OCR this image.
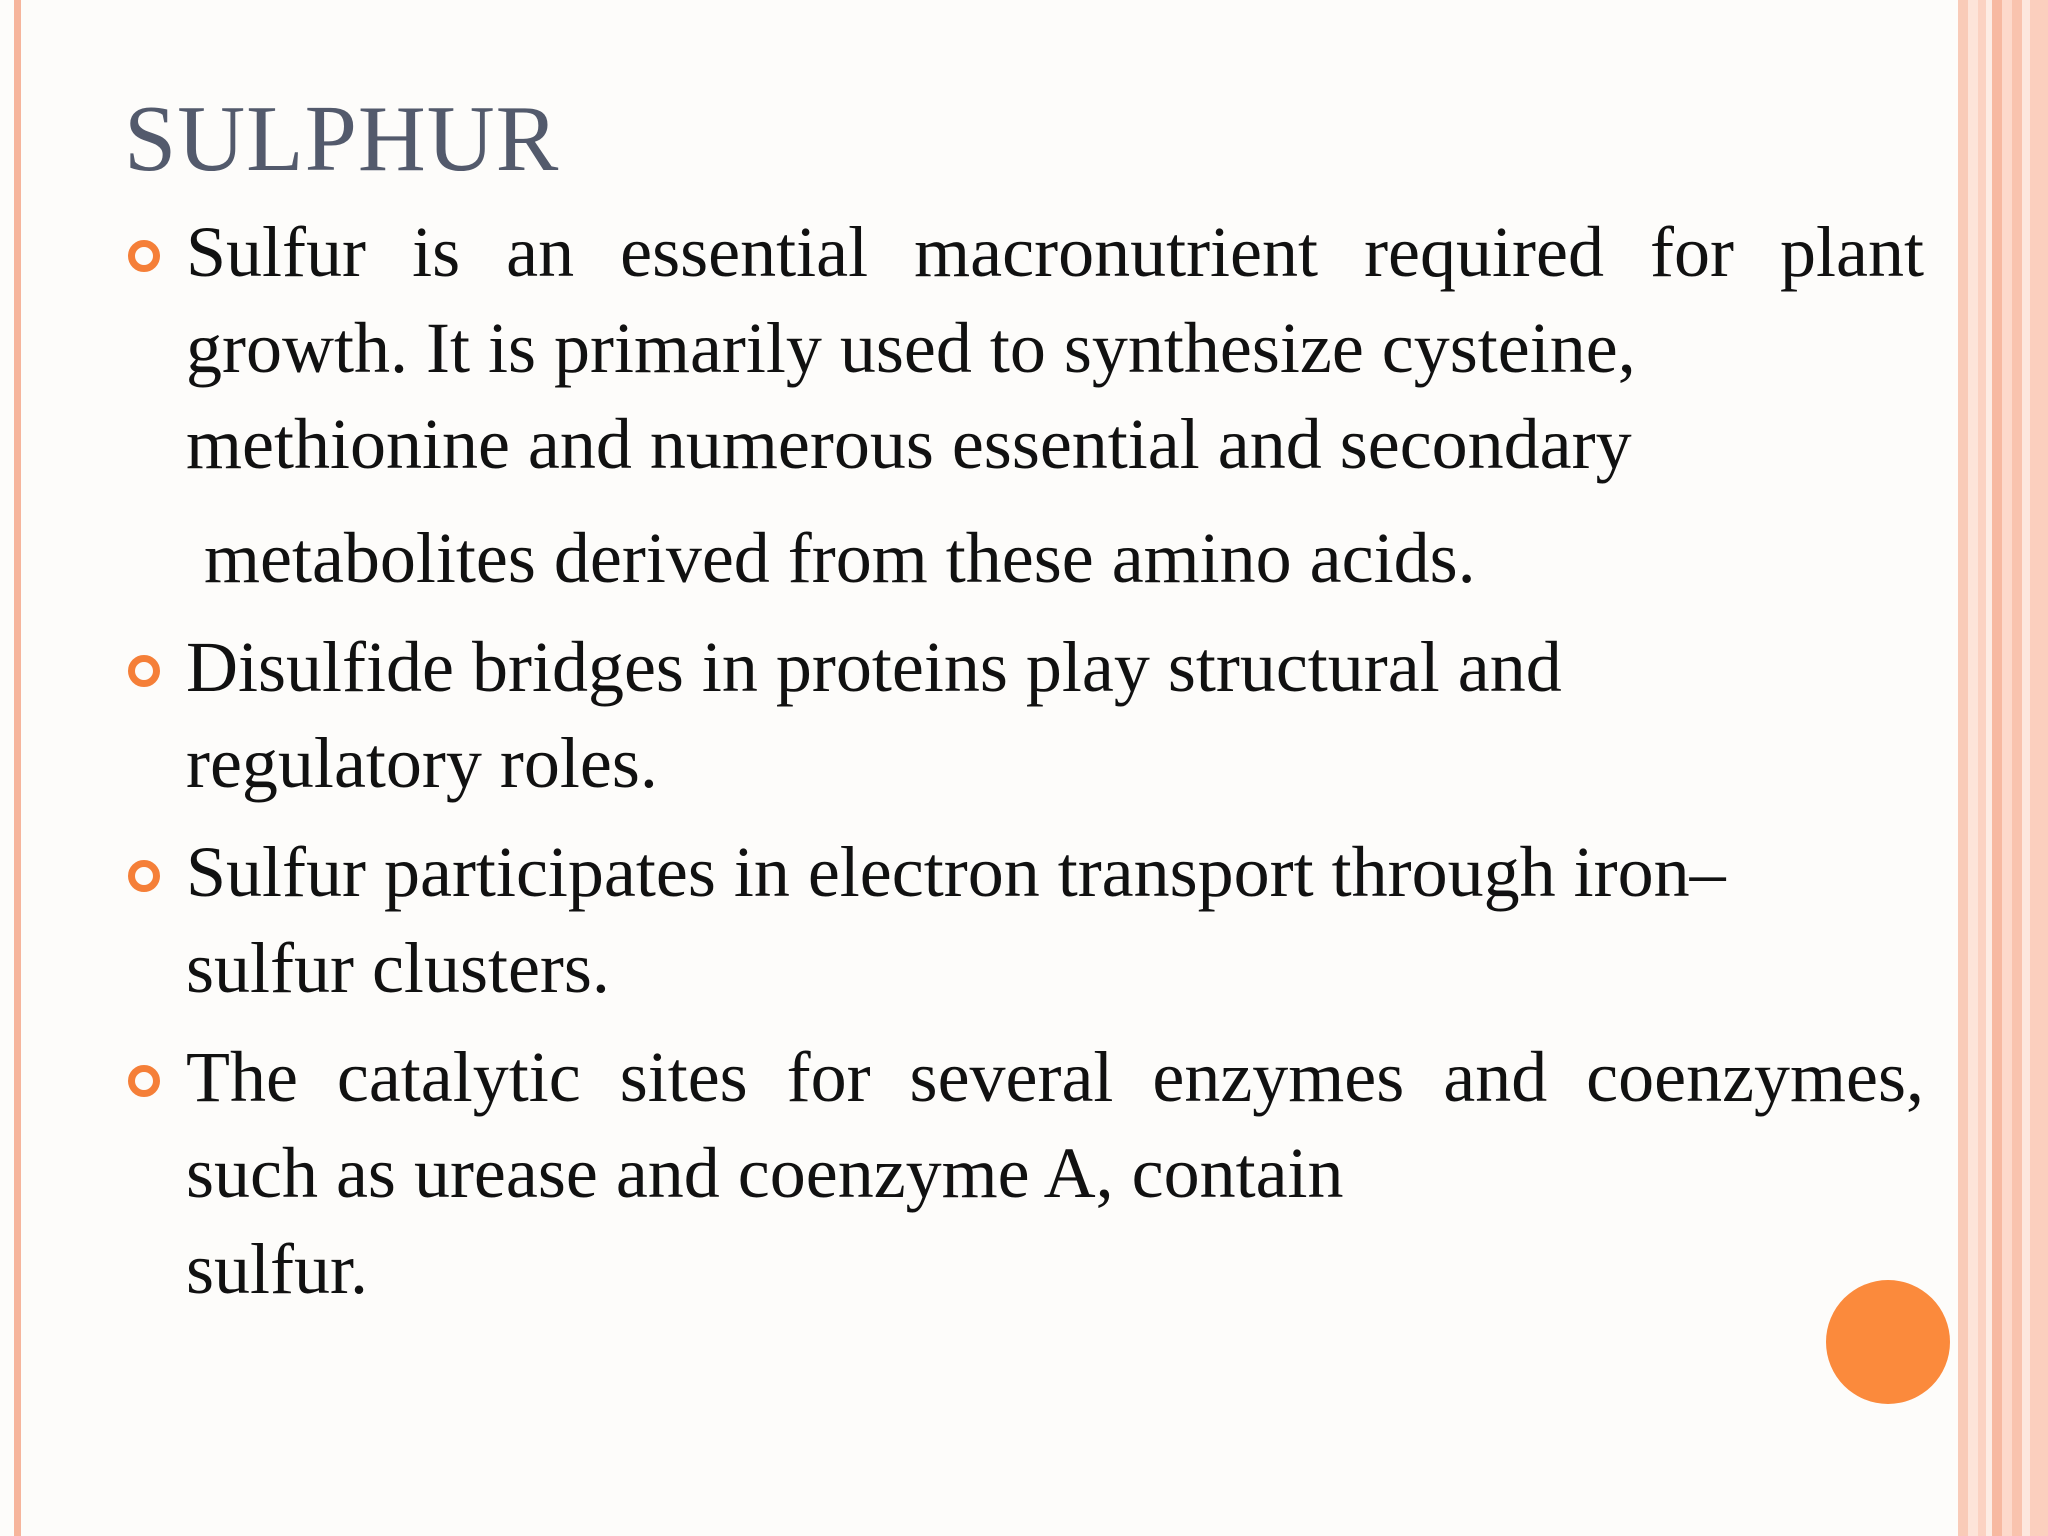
SULPHUR
Sulfur is an essential macronutrient required for plant growth. It is primarily used to synthesize cysteine,
methionine and numerous essential and secondary
metabolites derived from these amino acids.
Disulfide bridges in proteins play structural and
regulatory roles.
Sulfur participates in electron transport through iron–
sulfur clusters.
The catalytic sites for several enzymes and coenzymes, such as urease and coenzyme A, contain
sulfur.
